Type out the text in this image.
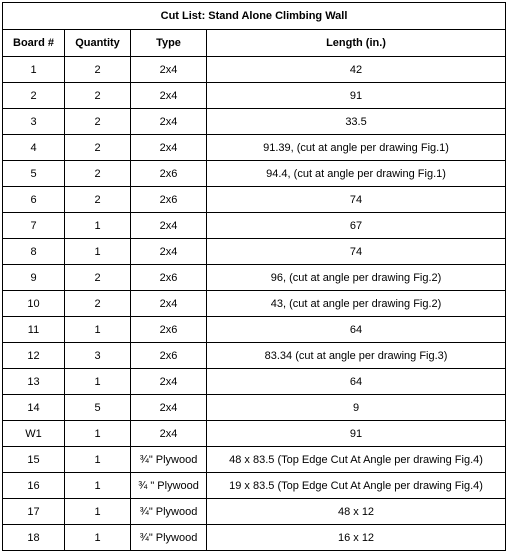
Cut List: Stand Alone Climbing Wall			
Board #	Quantity	Type	Length (in.)
1	2	2x4	42
2	2	2x4	91
3	2	2x4	33.5
4	2	2x4	91.39, (cut at angle per drawing Fig.1)
5	2	2x6	94.4, (cut at angle per drawing Fig.1)
6	2	2x6	74
7	1	2x4	67
8	1	2x4	74
9	2	2x6	96, (cut at angle per drawing Fig.2)
10	2	2x4	43, (cut at angle per drawing Fig.2)
11	1	2x6	64
12	3	2x6	83.34 (cut at angle per drawing Fig.3)
13	1	2x4	64
14	5	2x4	9
W1	1	2x4	91
15	1	¾" Plywood	48 x 83.5 (Top Edge Cut At Angle per drawing Fig.4)
16	1	¾ " Plywood	19 x 83.5 (Top Edge Cut At Angle per drawing Fig.4)
17	1	¾" Plywood	48 x 12
18	1	¾" Plywood	16 x 12
